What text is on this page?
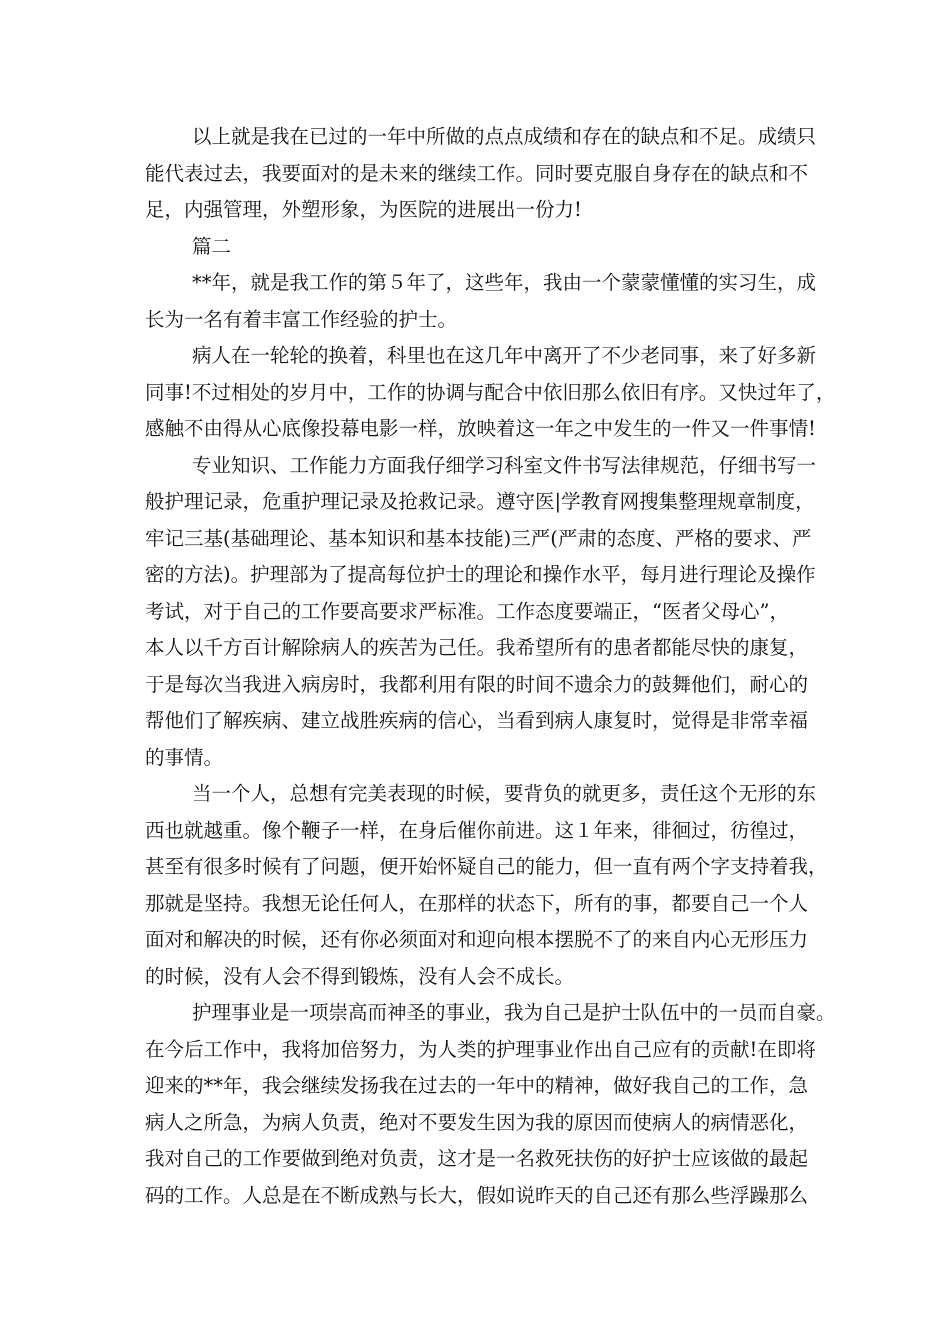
以上就是我在已过的一年中所做的点点成绩和存在的缺点和不足。成绩只
能代表过去，我要面对的是未来的继续工作。同时要克服自身存在的缺点和不
足，内强管理，外塑形象，为医院的进展出一份力!
篇二
**年，就是我工作的第５年了，这些年，我由一个蒙蒙懂懂的实习生，成
长为一名有着丰富工作经验的护士。
病人在一轮轮的换着，科里也在这几年中离开了不少老同事，来了好多新
同事!不过相处的岁月中，工作的协调与配合中依旧那么依旧有序。又快过年了，
感触不由得从心底像投幕电影一样，放映着这一年之中发生的一件又一件事情!
专业知识、工作能力方面我仔细学习科室文件书写法律规范，仔细书写一
般护理记录，危重护理记录及抢救记录。遵守医|学教育网搜集整理规章制度，
牢记三基(基础理论、基本知识和基本技能)三严(严肃的态度、严格的要求、严
密的方法)。护理部为了提高每位护士的理论和操作水平，每月进行理论及操作
考试，对于自己的工作要高要求严标准。工作态度要端正，“医者父母心”，
本人以千方百计解除病人的疾苦为己任。我希望所有的患者都能尽快的康复，
于是每次当我进入病房时，我都利用有限的时间不遗余力的鼓舞他们，耐心的
帮他们了解疾病、建立战胜疾病的信心，当看到病人康复时，觉得是非常幸福
的事情。
当一个人，总想有完美表现的时候，要背负的就更多，责任这个无形的东
西也就越重。像个鞭子一样，在身后催你前进。这１年来，徘徊过，彷徨过，
甚至有很多时候有了问题，便开始怀疑自己的能力，但一直有两个字支持着我，
那就是坚持。我想无论任何人，在那样的状态下，所有的事，都要自己一个人
面对和解决的时候，还有你必须面对和迎向根本摆脱不了的来自内心无形压力
的时候，没有人会不得到锻炼，没有人会不成长。
护理事业是一项崇高而神圣的事业，我为自己是护士队伍中的一员而自豪。
在今后工作中，我将加倍努力，为人类的护理事业作出自己应有的贡献!在即将
迎来的**年，我会继续发扬我在过去的一年中的精神，做好我自己的工作，急
病人之所急，为病人负责，绝对不要发生因为我的原因而使病人的病情恶化，
我对自己的工作要做到绝对负责，这才是一名救死扶伤的好护士应该做的最起
码的工作。人总是在不断成熟与长大，假如说昨天的自己还有那么些浮躁那么
